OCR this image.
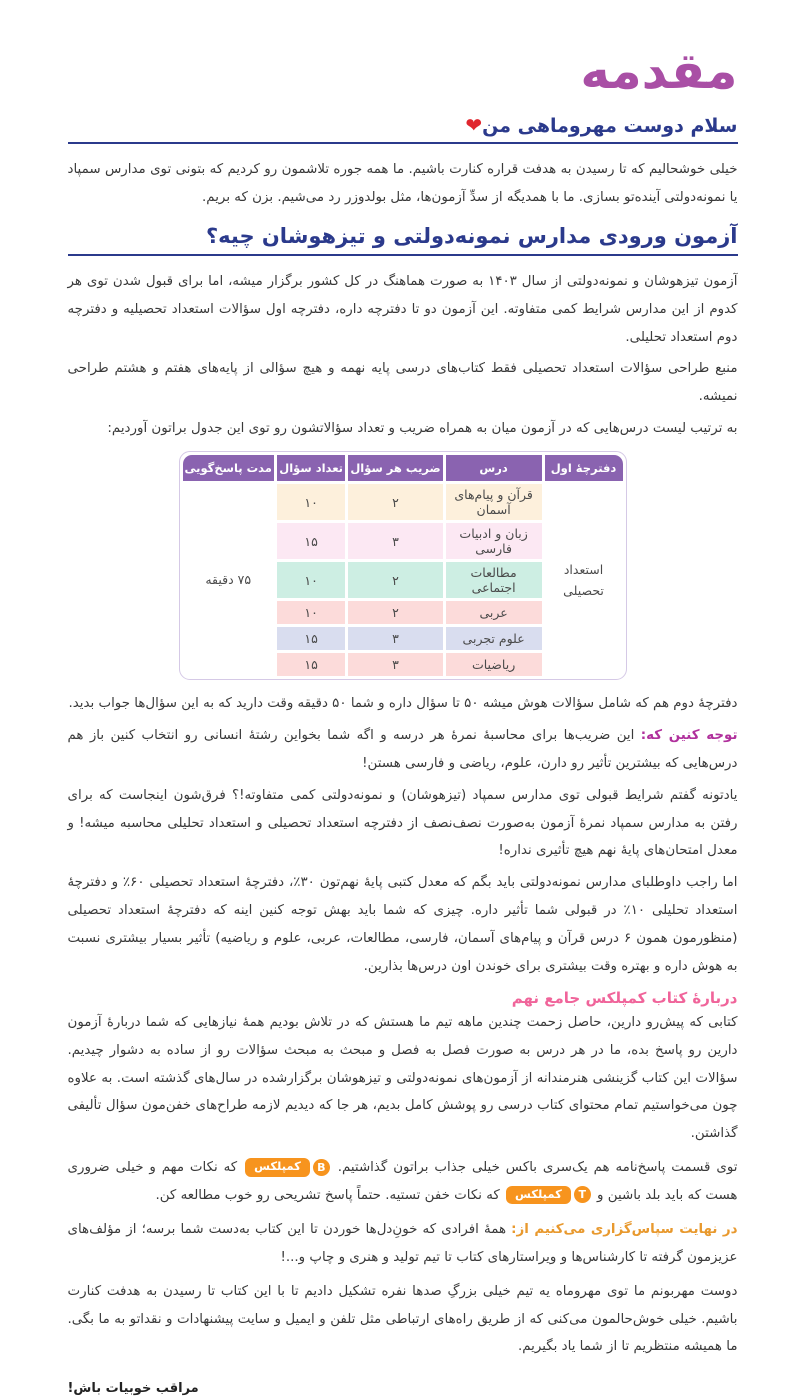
مقدمه
سلام دوست مهروماهی من❤

خیلی خوشحالیم که تا رسیدن به هدفت قراره کنارت باشیم. ما همه جوره تلاشمون رو کردیم که بتونی توی مدارس سمپاد یا نمونه‌دولتی آینده‌تو بسازی. ما با همدیگه از سدِّ آزمون‌ها، مثل بولدوزر رد می‌شیم. بزن که بریم.

آزمون ورودی مدارس نمونه‌دولتی و تیزهوشان چیه؟

آزمون تیزهوشان و نمونه‌دولتی از سال ۱۴۰۳ به صورت هماهنگ در کل کشور برگزار میشه، اما برای قبول شدن توی هر کدوم از این مدارس شرایط کمی متفاوته. این آزمون دو تا دفترچه داره، دفترچه اول سؤالات استعداد تحصیلیه و دفترچه دوم استعداد تحلیلی.

منبع طراحی سؤالات استعداد تحصیلی فقط کتاب‌های درسی پایه نهمه و هیچ سؤالی از پایه‌های هفتم و هشتم طراحی نمیشه.

به ترتیب لیست درس‌هایی که در آزمون میان به همراه ضریب و تعداد سؤالاتشون رو توی این جدول براتون آوردیم:

دفترچهٔ اول	درس	ضریب هر سؤال	تعداد سؤال	مدت پاسخ‌گویی
استعداد تحصیلی	قرآن و پیام‌های آسمان	۲	۱۰	۷۵ دقیقه
	زبان و ادبیات فارسی	۳	۱۵	
	مطالعات اجتماعی	۲	۱۰	
	عربی	۲	۱۰	
	علوم تجربی	۳	۱۵	
	ریاضیات	۳	۱۵	

دفترچهٔ دوم هم که شامل سؤالات هوش میشه ۵۰ تا سؤال داره و شما ۵۰ دقیقه وقت دارید که به این سؤال‌ها جواب بدید.

توجه کنین که: این ضریب‌ها برای محاسبهٔ نمرهٔ هر درسه و اگه شما بخواین رشتهٔ انسانی رو انتخاب کنین باز هم درس‌هایی که بیشترین تأثیر رو دارن، علوم، ریاضی و فارسی هستن!

یادتونه گفتم شرایط قبولی توی مدارس سمپاد (تیزهوشان) و نمونه‌دولتی کمی متفاوته!؟ فرق‌شون اینجاست که برای رفتن به مدارس سمپاد نمرهٔ آزمون به‌صورت نصف‌نصف از دفترچه استعداد تحصیلی و استعداد تحلیلی محاسبه میشه! و معدل امتحان‌های پایهٔ نهم هیچ تأثیری نداره!

اما راجب داوطلبای مدارس نمونه‌دولتی باید بگم که معدل کتبی پایهٔ نهم‌تون ۳۰٪، دفترچهٔ استعداد تحصیلی ۶۰٪ و دفترچهٔ استعداد تحلیلی ۱۰٪ در قبولی شما تأثیر داره. چیزی که شما باید بهش توجه کنین اینه که دفترچهٔ استعداد تحصیلی (منظورمون همون ۶ درس قرآن و پیام‌های آسمان، فارسی، مطالعات، عربی، علوم و ریاضیه) تأثیر بسیار بیشتری نسبت به هوش داره و بهتره وقت بیشتری برای خوندن اون درس‌ها بذارین.

دربارهٔ کتاب کمپلکس جامع نهم

کتابی که پیش‌رو دارین، حاصل زحمت چندین ماهه تیم ما هستش که در تلاش بودیم همهٔ نیازهایی که شما دربارهٔ آزمون دارین رو پاسخ بده، ما در هر درس به صورت فصل به فصل و مبحث به مبحث سؤالات رو از ساده به دشوار چیدیم. سؤالات این کتاب گزینشی هنرمندانه از آزمون‌های نمونه‌دولتی و تیزهوشان برگزارشده در سال‌های گذشته است. به علاوه چون می‌خواستیم تمام محتوای کتاب درسی رو پوشش کامل بدیم، هر جا که دیدیم لازمه طراح‌های خفن‌مون سؤال تألیفی گذاشتن.

توی قسمت پاسخ‌نامه هم یک‌سری باکس خیلی جذاب براتون گذاشتیم.
B
کمپلکس
که نکات مهم و خیلی ضروری هست که باید بلد باشین و
T
کمپلکس
که نکات خفن تستیه. حتماً پاسخ تشریحی رو خوب مطالعه کن.

در نهایت سپاس‌گزاری می‌کنیم از: همهٔ افرادی که خونِ‌دل‌ها خوردن تا این کتاب به‌دست شما برسه؛ از مؤلف‌های عزیزمون گرفته تا کارشناس‌ها و ویراستارهای کتاب تا تیم تولید و هنری و چاپ و...!

دوست مهربونم ما توی مهروماه یه تیم خیلی بزرگِ صدها نفره تشکیل دادیم تا با این کتاب تا رسیدن به هدفت کنارت باشیم. خیلی خوش‌حالمون می‌کنی که از طریق راه‌های ارتباطی مثل تلفن و ایمیل و سایت پیشنهادات و نقداتو به ما بگی. ما همیشه منتظریم تا از شما یاد بگیریم.

مراقب خوبیات باش!
